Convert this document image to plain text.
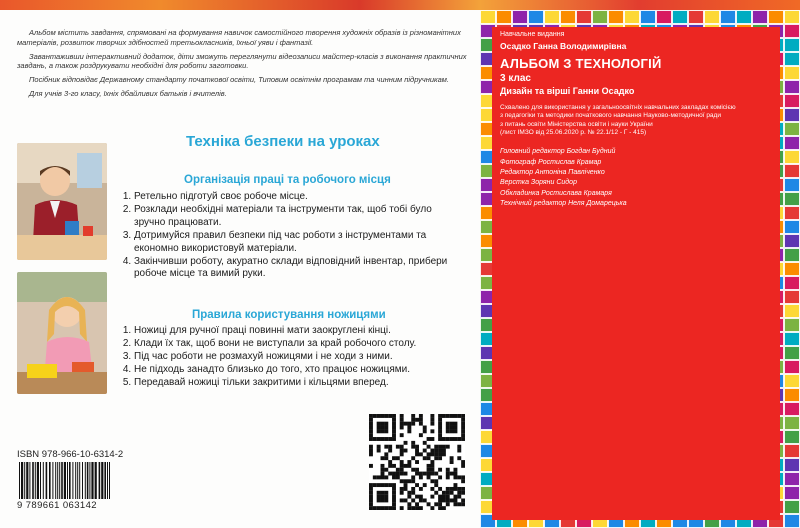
Навчальне видання
Осадко Ганна Володимирівна
АЛЬБОМ З ТЕХНОЛОГІЙ
3 клас
Дизайн та вірші Ганни Осадко
Схвалено для використання у загальноосвітніх навчальних закладах комісією
з педагогіки та методики початкового навчання Науково-методичної ради
з питань освіти Міністерства освіти і науки України
(лист ІМЗО від 25.06.2020 р. № 22.1/12 - Г - 415)
Головний редактор Богдан Будний
Фотограф Ростислав Крамар
Редактор Антоніна Павліченко
Верстка Зоряни Сидор
Обкладинка Ростислава Крамаря
Технічний редактор Неля Домарецька

Альбом містить завдання, спрямовані на формування навичок самостійного творення художніх образів із різноманітних матеріалів, розвиток творчих здібностей третьокласників, їхньої уяви і фантазії.

Завантаживши інтерактивний додаток, діти зможуть переглянути відеозаписи майстер-класів з виконання практичних завдань, а також роздрукувати необхідні для роботи заготовки.

Посібник відповідає Державному стандарту початкової освіти, Типовим освітнім програмам та чинним підручникам.

Для учнів 3-го класу, їхніх дбайливих батьків і вчителів.

Техніка безпеки на уроках
Організація праці та робочого місця
1. Ретельно підготуй своє робоче місце.
2. Розклади необхідні матеріали та інструменти так, щоб тобі було зручно працювати.
3. Дотримуйся правил безпеки під час роботи з інструментами та економно використовуй матеріали.
4. Закінчивши роботу, акуратно склади відповідний інвентар, прибери робоче місце та вимий руки.
Правила користування ножицями
1. Ножиці для ручної праці повинні мати заокруглені кінці.
2. Клади їх так, щоб вони не виступали за край робочого столу.
3. Під час роботи не розмахуй ножицями і не ходи з ними.
4. Не підходь занадто близько до того, хто працює ножицями.
5. Передавай ножиці тільки закритими і кільцями вперед.
ISBN 978-966-10-6314-2
9 789661 063142
